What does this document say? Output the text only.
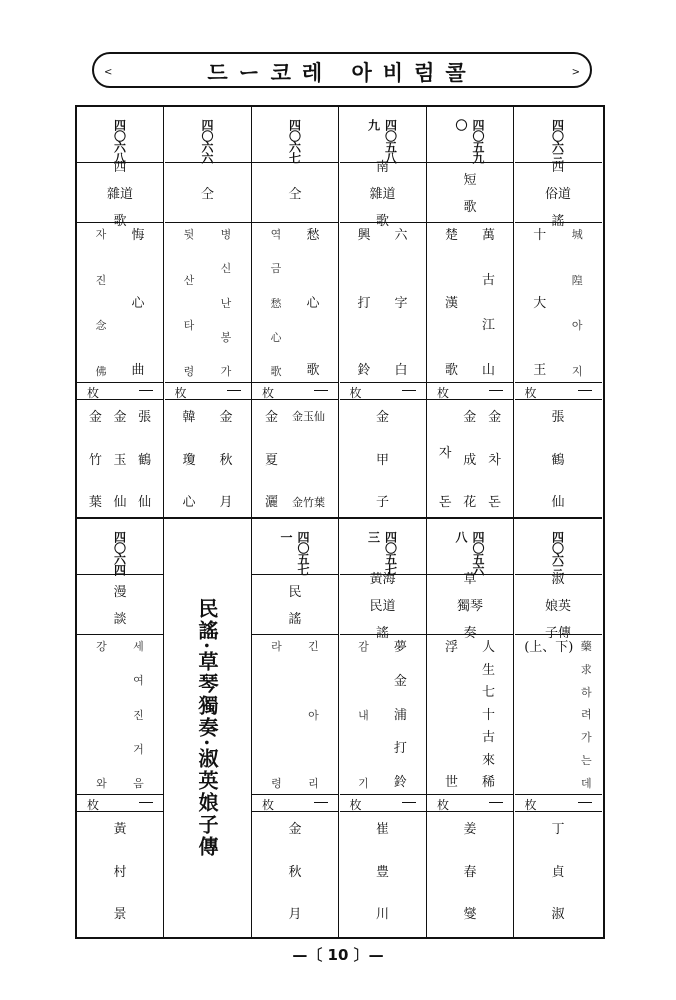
<	드ー코레 아비럼콜	>
四〇六八
西
雜道
歌
悔
心
曲
자
진
念
佛
枚
張
鶴
仙
金
玉
仙
金
竹
葉
四〇六六
仝
병
신
난
봉
가
뒷
산
타
령
枚
金
秋
月
韓
瓊
心
四〇六七
仝
愁
心
歌
역
금
愁
心
歌
枚
金玉仙
金竹葉
金
夏
灑
四〇五八九
南
雜道
歌
六
字
白
興
打
鈴
枚
金
甲
子
四〇五九〇
短
歌
萬
古
江
山
楚
漢
歌
枚
金
차
돈
金
成
花
자
돈
四〇六三
西
俗道
謠
城
隍
아
지
十
大
王
枚
張
鶴
仙
四〇六四
漫
談
세
여
진
거
음
강
와
枚
黃
村
景
民謠·草琴獨奏·淑英娘子傳
四〇五七一
民
謠
긴
아
리
라
령
枚
金
秋
月
四〇五七三
黃海
民道
謠
夢
金
浦
打
鈴
감
내
기
枚
崔
豊
川
四〇五六八
草
獨琴
奏
人
生
七
十
古
來
稀
浮
世
枚
姜
春
燮
四〇六三
淑
娘英
子傳
藥
求
하
려
가
는
데
(上、下)
枚
丁
貞
淑
—〔 10 〕—
